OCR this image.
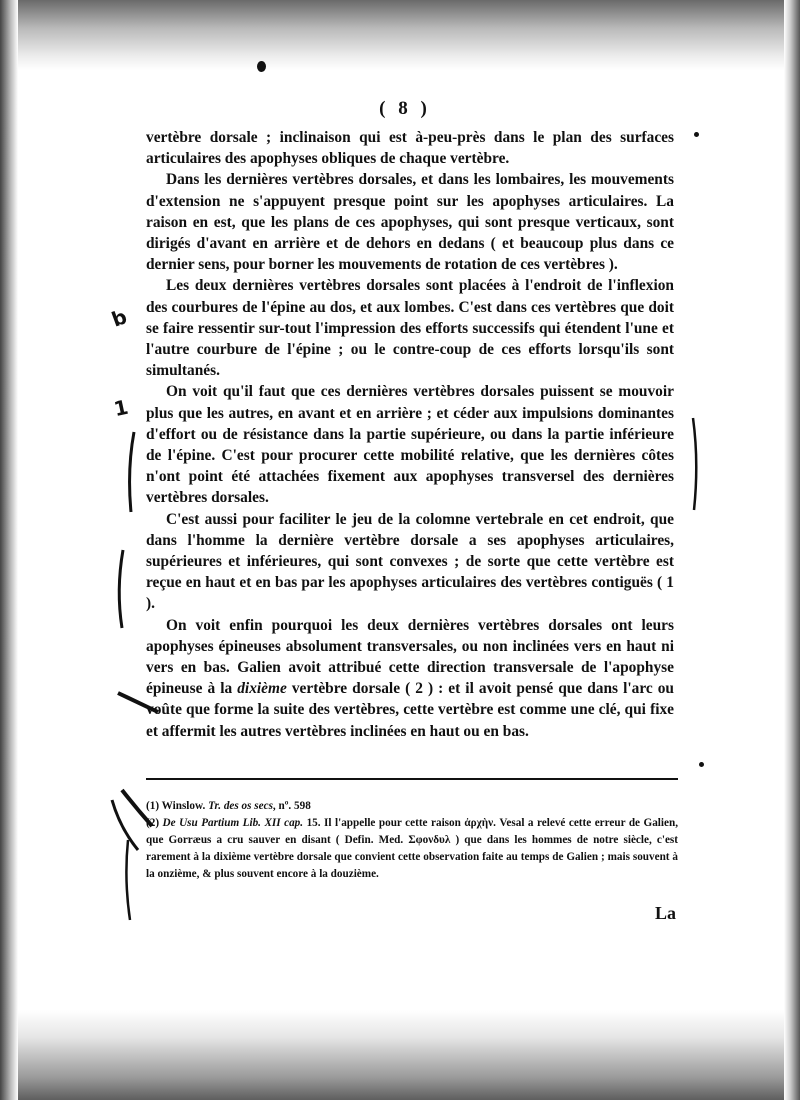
( 8 )

vertèbre dorsale ; inclinaison qui est à-peu-près dans le plan des surfaces articulaires des apophyses obliques de chaque vertèbre.

Dans les dernières vertèbres dorsales, et dans les lombaires, les mouvements d'extension ne s'appuyent presque point sur les apophyses articulaires. La raison en est, que les plans de ces apophyses, qui sont presque verticaux, sont dirigés d'avant en arrière et de dehors en dedans ( et beaucoup plus dans ce dernier sens, pour borner les mouvements de rotation de ces vertèbres ).

Les deux dernières vertèbres dorsales sont placées à l'endroit de l'inflexion des courbures de l'épine au dos, et aux lombes. C'est dans ces vertèbres que doit se faire ressentir sur-tout l'impression des efforts successifs qui étendent l'une et l'autre courbure de l'épine ; ou le contre-coup de ces efforts lorsqu'ils sont simultanés.

On voit qu'il faut que ces dernières vertèbres dorsales puissent se mouvoir plus que les autres, en avant et en arrière ; et céder aux impulsions dominantes d'effort ou de résistance dans la partie supérieure, ou dans la partie inférieure de l'épine. C'est pour procurer cette mobilité relative, que les dernières côtes n'ont point été attachées fixement aux apophyses transversel des dernières vertèbres dorsales.

C'est aussi pour faciliter le jeu de la colomne vertebrale en cet endroit, que dans l'homme la dernière vertèbre dorsale a ses apophyses articulaires, supérieures et inférieures, qui sont convexes ; de sorte que cette vertèbre est reçue en haut et en bas par les apophyses articulaires des vertèbres contiguës ( 1 ).

On voit enfin pourquoi les deux dernières vertèbres dorsales ont leurs apophyses épineuses absolument transversales, ou non inclinées vers en haut ni vers en bas. Galien avoit attribué cette direction transversale de l'apophyse épineuse à la dixième vertèbre dorsale ( 2 ) : et il avoit pensé que dans l'arc ou voûte que forme la suite des vertèbres, cette vertèbre est comme une clé, qui fixe et affermit les autres vertèbres inclinées en haut ou en bas.

(1) Winslow. Tr. des os secs, nº. 598

(2) De Usu Partium Lib. XII cap. 15. Il l'appelle pour cette raison ἀρχὴν. Vesal a relevé cette erreur de Galien, que Gorræus a cru sauver en disant ( Defin. Med. Σφονδυλ ) que dans les hommes de notre siècle, c'est rarement à la dixième vertèbre dorsale que convient cette observation faite au temps de Galien ; mais souvent à la onzième, & plus souvent encore à la douzième.

La
b
1
